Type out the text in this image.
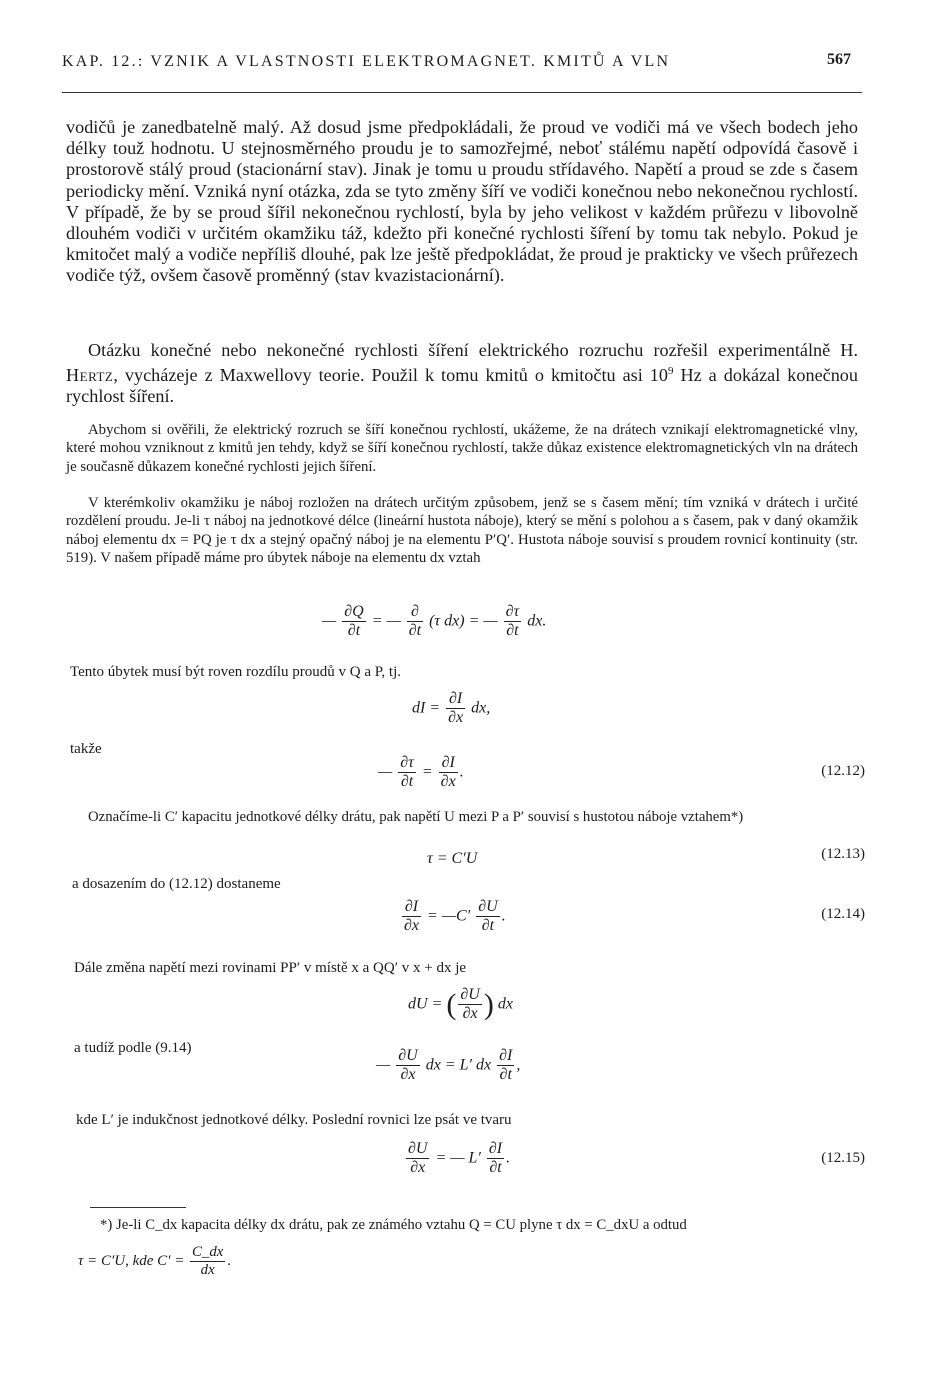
KAP. 12.: VZNIK A VLASTNOSTI ELEKTROMAGNET. KMITŮ A VLN	567
vodičů je zanedbatelně malý. Až dosud jsme předpokládali, že proud ve vodiči má ve všech bodech jeho délky touž hodnotu. U stejnosměrného proudu je to samozřejmé, neboť stálému napětí odpovídá časově i prostorově stálý proud (stacionární stav). Jinak je tomu u proudu střídavého. Napětí a proud se zde s časem periodicky mění. Vzniká nyní otázka, zda se tyto změny šíří ve vodiči konečnou nebo nekonečnou rychlostí. V případě, že by se proud šířil nekonečnou rychlostí, byla by jeho velikost v každém průřezu v libovolně dlouhém vodiči v určitém okamžiku táž, kdežto při konečné rychlosti šíření by tomu tak nebylo. Pokud je kmitočet malý a vodiče nepříliš dlouhé, pak lze ještě předpokládat, že proud je prakticky ve všech průřezech vodiče týž, ovšem časově proměnný (stav kvazistacionární).
Otázku konečné nebo nekonečné rychlosti šíření elektrického rozruchu rozřešil experimentálně H. Hertz, vycházeje z Maxwellovy teorie. Použil k tomu kmitů o kmitočtu asi $10^9$ Hz a dokázal konečnou rychlost šíření.
Abychom si ověřili, že elektrický rozruch se šíří konečnou rychlostí, ukážeme, že na drátech vznikají elektromagnetické vlny, které mohou vzniknout z kmitů jen tehdy, když se šíří konečnou rychlostí, takže důkaz existence elektromagnetických vln na drátech je současně důkazem konečné rychlosti jejich šíření.
V kterémkoliv okamžiku je náboj rozložen na drátech určitým způsobem, jenž se s časem mění; tím vzniká v drátech i určité rozdělení proudu. Je-li τ náboj na jednotkové délce (lineární hustota náboje), který se mění s polohou a s časem, pak v daný okamžik náboj elementu dx = PQ je τ dx a stejný opačný náboj je na elementu P′Q′. Hustota náboje souvisí s proudem rovnicí kontinuity (str. 519). V našem případě máme pro úbytek náboje na elementu dx vztah
— $\frac{\partial Q}{\partial t}$ = — $\frac{\partial}{\partial t} (\tau$ dx) = — $\frac{\partial\tau}{\partial t}$ dx.
Tento úbytek musí být roven rozdílu proudů v Q a P, tj.
dI = $\frac{\partial I}{\partial x}$ dx,
takže
— $\frac{\partial\tau}{\partial t} = \frac{\partial I}{\partial x}$ .	(12.12)
Označíme-li C′ kapacitu jednotkové délky drátu, pak napětí U mezi P a P′ souvisí s hustotou náboje vztahem*)
τ = C′U	(12.13)
a dosazením do (12.12) dostaneme
$\frac{\partial I}{\partial x}$ = —C′ $\frac{\partial U}{\partial t}$ .	(12.14)
Dále změna napětí mezi rovinami PP′ v místě x a QQ′ v x + dx je
dU = ( $\frac{\partial U}{\partial x}$ ) dx
a tudíž podle (9.14)
— $\frac{\partial U}{\partial x}$ dx = L′ dx $\frac{\partial I}{\partial t}$ ,
kde L′ je indukčnost jednotkové délky. Poslední rovnici lze psát ve tvaru
$\frac{\partial U}{\partial x}$ = — $L' \frac{\partial I}{\partial t}$ .	(12.15)
*) Je-li C_dx kapacita délky dx drátu, pak ze známého vztahu Q = CU plyne τ dx = C_dxU a odtud
τ = C′U, kde $C' = \frac{C\_dx}{dx}$ .
